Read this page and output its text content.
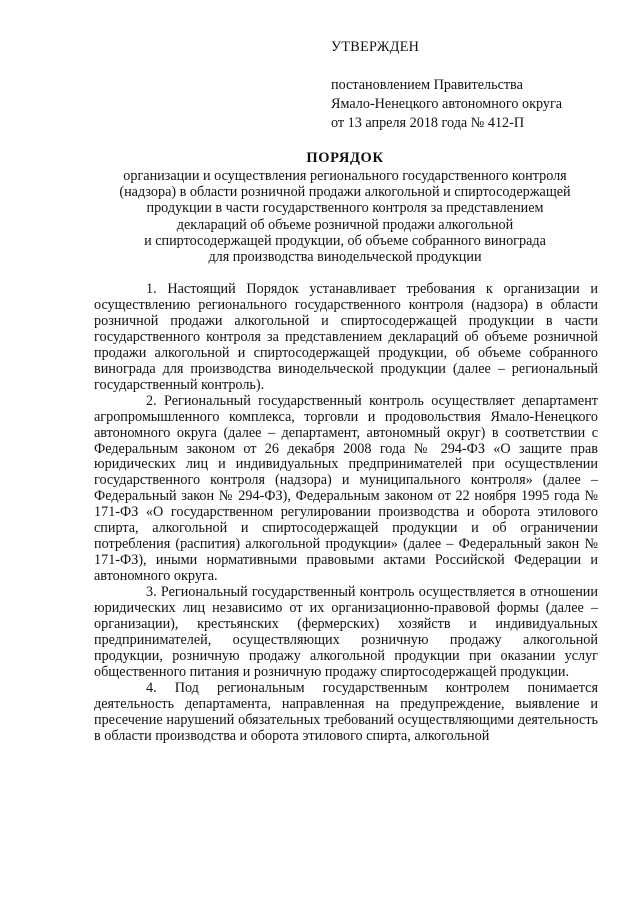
УТВЕРЖДЕН
постановлением Правительства
Ямало-Ненецкого автономного округа
от 13 апреля 2018 года № 412-П
ПОРЯДОК
организации и осуществления регионального государственного контроля
(надзора) в области розничной продажи алкогольной и спиртосодержащей
продукции в части государственного контроля за представлением
деклараций об объеме розничной продажи алкогольной
и спиртосодержащей продукции, об объеме собранного винограда
для производства винодельческой продукции

1. Настоящий Порядок устанавливает требования к организации и осуществлению регионального государственного контроля (надзора) в области розничной продажи алкогольной и спиртосодержащей продукции в части государственного контроля за представлением деклараций об объеме розничной продажи алкогольной и спиртосодержащей продукции, об объеме собранного винограда для производства винодельческой продукции (далее – региональный государственный контроль).

2. Региональный государственный контроль осуществляет департамент агропромышленного комплекса, торговли и продовольствия Ямало-Ненецкого автономного округа (далее – департамент, автономный округ) в соответствии с Федеральным законом от 26 декабря 2008 года № 294-ФЗ «О защите прав юридических лиц и индивидуальных предпринимателей при осуществлении государственного контроля (надзора) и муниципального контроля» (далее – Федеральный закон № 294-ФЗ), Федеральным законом от 22 ноября 1995 года № 171-ФЗ «О государственном регулировании производства и оборота этилового спирта, алкогольной и спиртосодержащей продукции и об ограничении потребления (распития) алкогольной продукции» (далее – Федеральный закон № 171-ФЗ), иными нормативными правовыми актами Российской Федерации и автономного округа.

3. Региональный государственный контроль осуществляется в отношении юридических лиц независимо от их организационно-правовой формы (далее – организации), крестьянских (фермерских) хозяйств и индивидуальных предпринимателей, осуществляющих розничную продажу алкогольной продукции, розничную продажу алкогольной продукции при оказании услуг общественного питания и розничную продажу спиртосодержащей продукции.

4. Под региональным государственным контролем понимается деятельность департамента, направленная на предупреждение, выявление и пресечение нарушений обязательных требований осуществляющими деятельность в области производства и оборота этилового спирта, алкогольной
